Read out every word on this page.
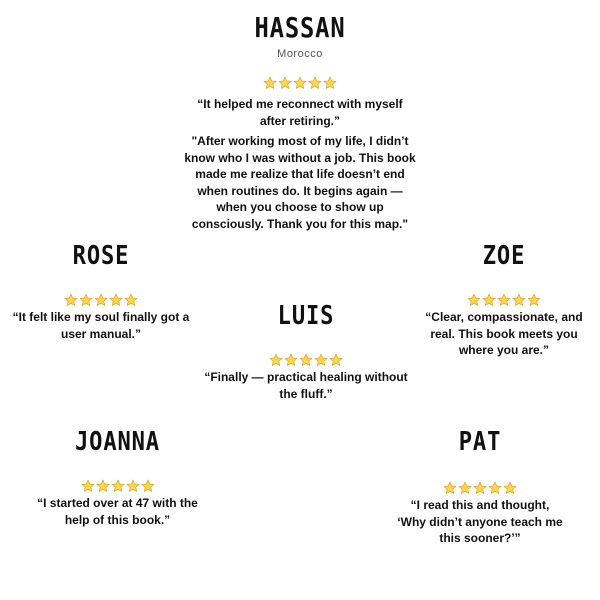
HASSAN
Morocco
“It helped me reconnect with myself after retiring.”
"After working most of my life, I didn’t know who I was without a job. This book made me realize that life doesn’t end when routines do. It begins again — when you choose to show up consciously. Thank you for this map."
ROSE
“It felt like my soul finally got a user manual.”
ZOE
“Clear, compassionate, and real. This book meets you where you are.”
LUIS
“Finally — practical healing without the fluff.”
JOANNA
“I started over at 47 with the help of this book.”
PAT
“I read this and thought, ‘Why didn’t anyone teach me this sooner?’”
